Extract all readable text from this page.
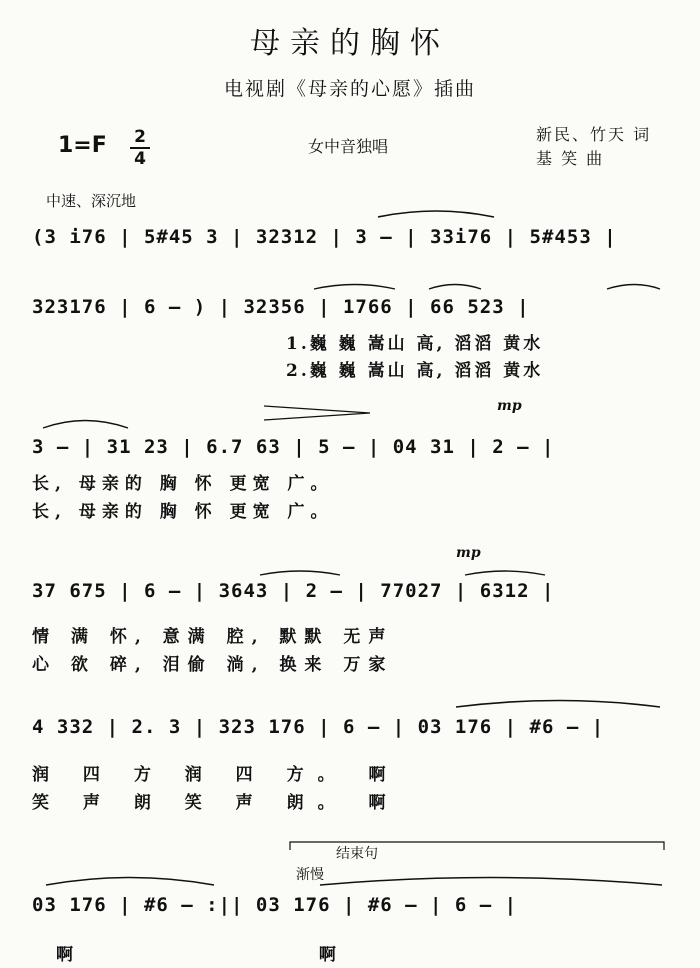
母亲的胸怀
电视剧《母亲的心愿》插曲
1=F 2
4
女中音独唱
新民、竹天 词
基 笑 曲
中速、深沉地
mp
mp
结束句
渐慢
(3 i76 | 5#45 3 | 32312 | 3 — | 33i76 | 5#453 |
323176 | 6 — ) | 32356 | 1766 | 66 523 |
1.巍 巍 嵩山 高, 滔滔 黄水
2.巍 巍 嵩山 高, 滔滔 黄水
3 — | 31 23 | 6.7 63 | 5 — | 04 31 | 2 — |
长, 母亲的 胸 怀 更宽 广。
长, 母亲的 胸 怀 更宽 广。
37 675 | 6 — | 3643 | 2 — | 77027 | 6312 |
情 满 怀, 意满 腔, 默默 无声
心 欲 碎, 泪偷 淌, 换来 万家
4 332 | 2. 3 | 323 176 | 6 — | 03 176 | #6 — |
润 四 方 润 四 方。 啊
笑 声 朗 笑 声 朗。 啊
03 176 | #6 — :|| 03 176 | #6 — | 6 — |
啊 啊
